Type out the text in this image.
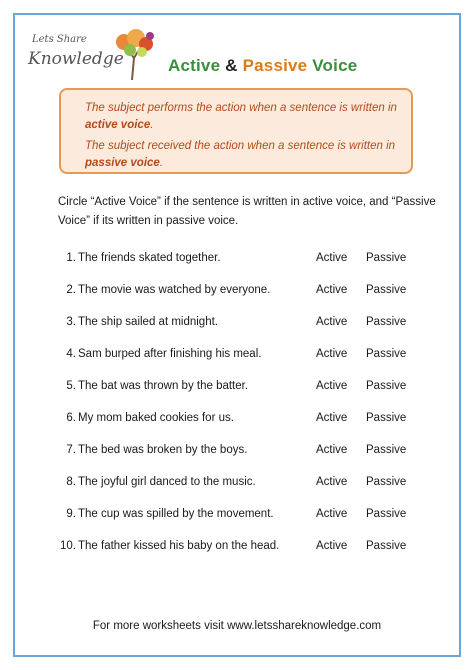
Lets Share
Knowledge	Active & Passive Voice

The subject performs the action when a sentence is written in active voice.

The subject received the action when a sentence is written in passive voice.

Circle “Active Voice” if the sentence is written in active voice, and “Passive Voice” if its written in passive voice.
1. The friends skated together.	Active Passive
2. The movie was watched by everyone.	Active Passive
3. The ship sailed at midnight.	Active Passive
4. Sam burped after finishing his meal.	Active Passive
5. The bat was thrown by the batter.	Active Passive
6. My mom baked cookies for us.	Active Passive
7. The bed was broken by the boys.	Active Passive
8. The joyful girl danced to the music.	Active Passive
9. The cup was spilled by the movement.	Active Passive
10. The father kissed his baby on the head.	Active Passive
For more worksheets visit www.letsshareknowledge.com
